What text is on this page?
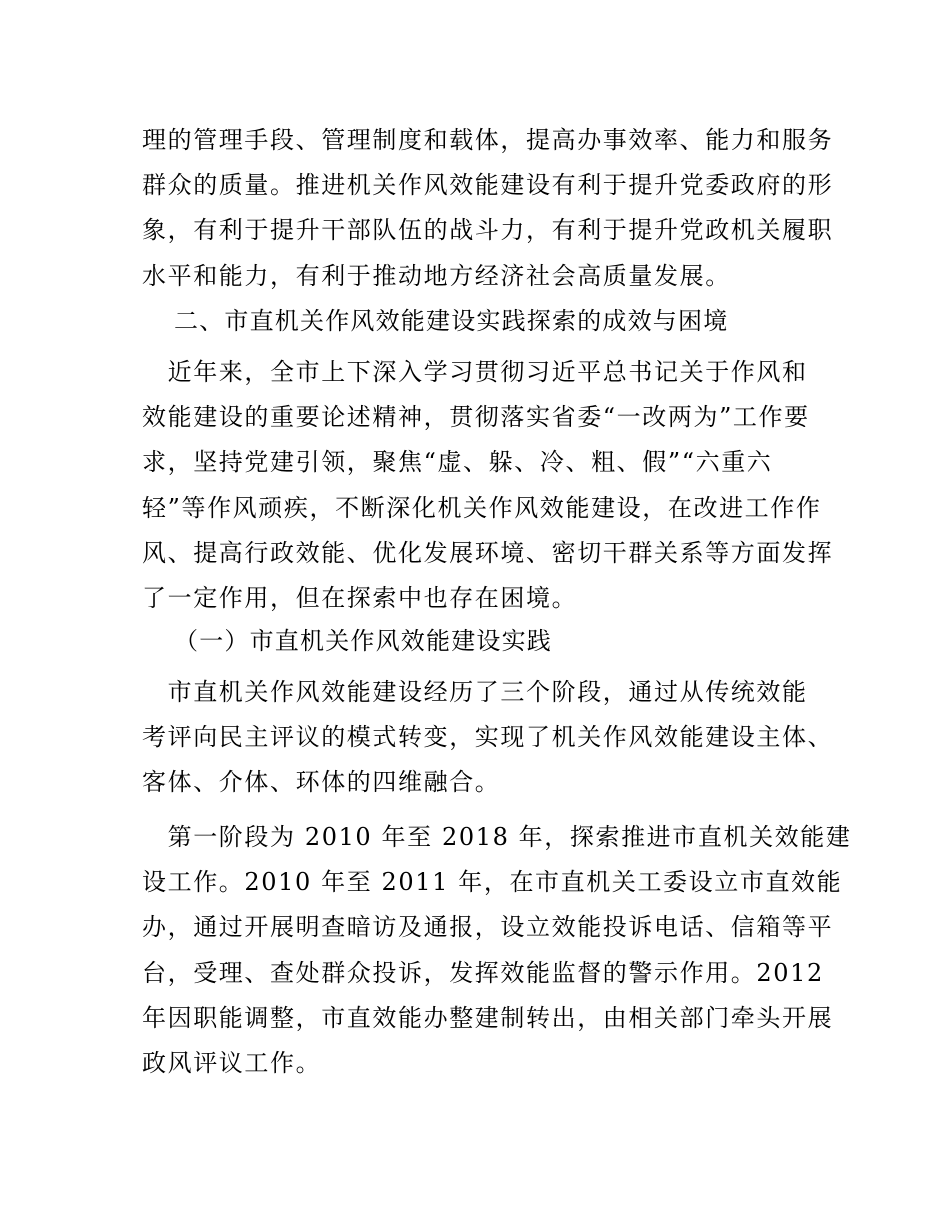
理的管理手段、管理制度和载体，提高办事效率、能力和服务
群众的质量。推进机关作风效能建设有利于提升党委政府的形
象，有利于提升干部队伍的战斗力，有利于提升党政机关履职
水平和能力，有利于推动地方经济社会高质量发展。
二、市直机关作风效能建设实践探索的成效与困境
　近年来，全市上下深入学习贯彻习近平总书记关于作风和
效能建设的重要论述精神，贯彻落实省委“一改两为”工作要
求，坚持党建引领，聚焦“虚、躲、冷、粗、假”“六重六
轻”等作风顽疾，不断深化机关作风效能建设，在改进工作作
风、提高行政效能、优化发展环境、密切干群关系等方面发挥
了一定作用，但在探索中也存在困境。
（一）市直机关作风效能建设实践
　市直机关作风效能建设经历了三个阶段，通过从传统效能
考评向民主评议的模式转变，实现了机关作风效能建设主体、
客体、介体、环体的四维融合。
　第一阶段为 2010 年至 2018 年，探索推进市直机关效能建
设工作。2010 年至 2011 年，在市直机关工委设立市直效能
办，通过开展明查暗访及通报，设立效能投诉电话、信箱等平
台，受理、查处群众投诉，发挥效能监督的警示作用。2012
年因职能调整，市直效能办整建制转出，由相关部门牵头开展
政风评议工作。
